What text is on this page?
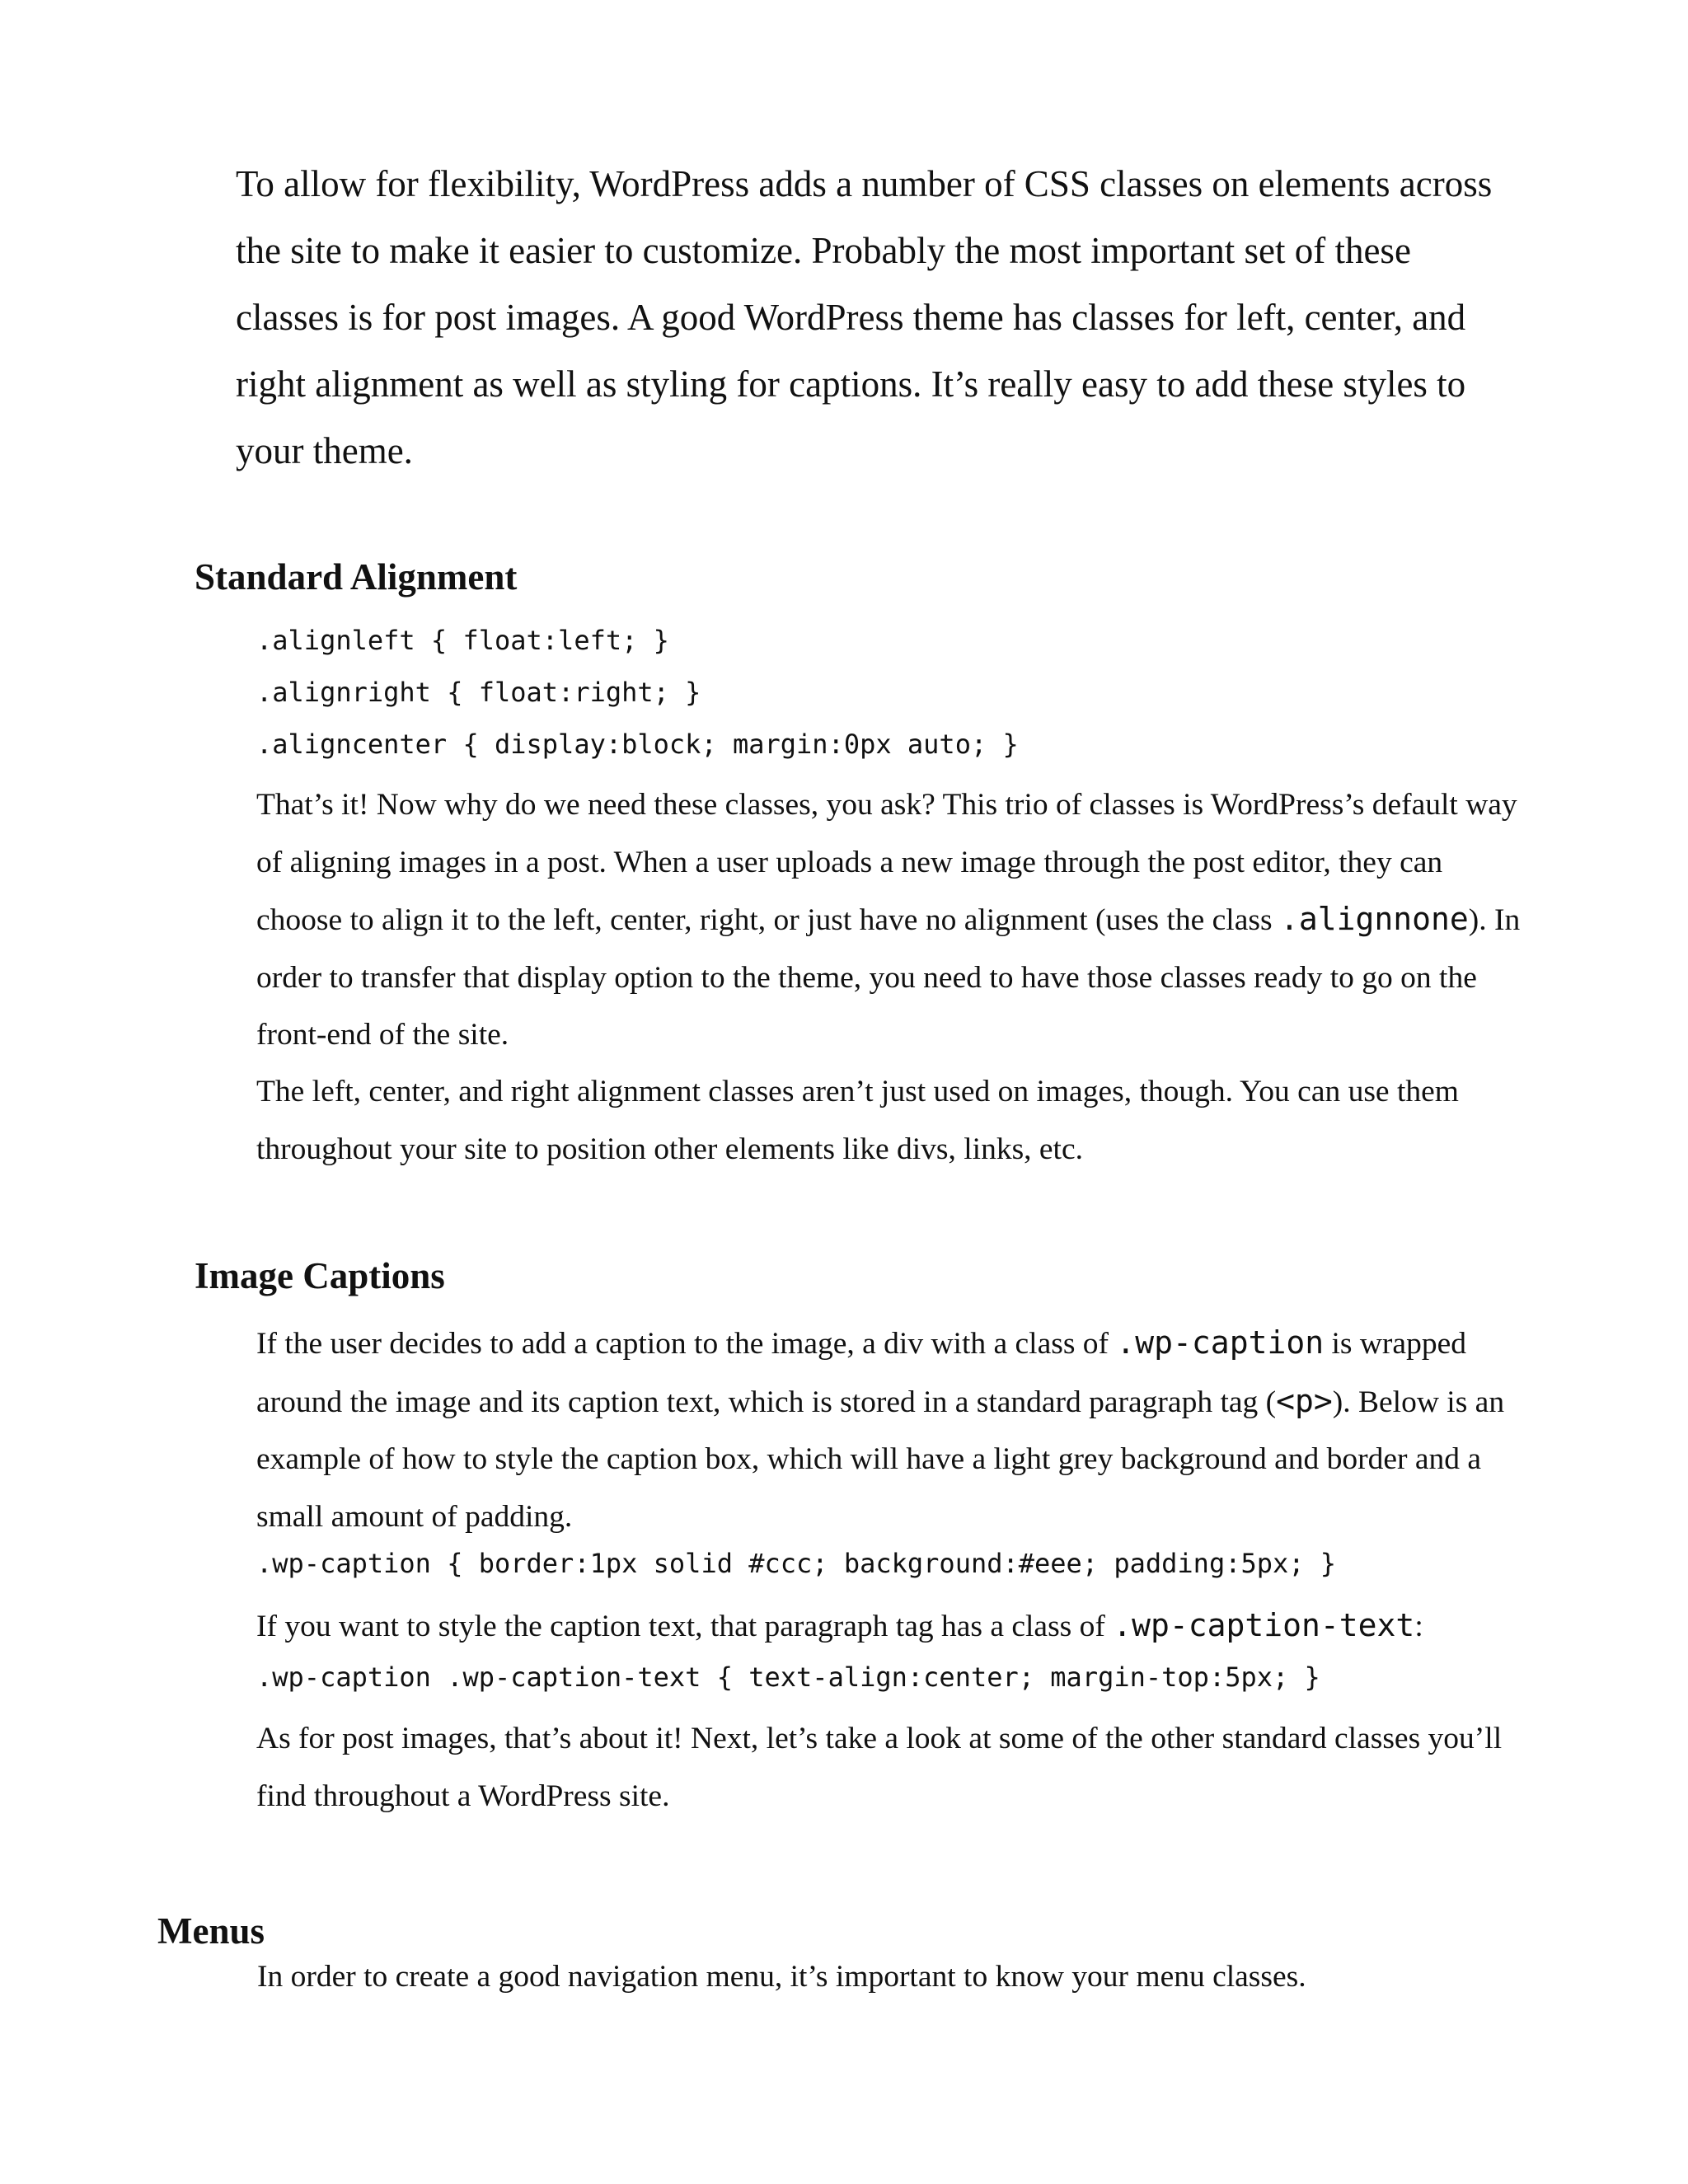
To allow for flexibility, WordPress adds a number of CSS classes on elements across the site to make it easier to customize. Probably the most important set of these classes is for post images. A good WordPress theme has classes for left, center, and right alignment as well as styling for captions. It’s really easy to add these styles to your theme.

Standard Alignment
.alignleft { float:left; }
.alignright { float:right; }
.aligncenter { display:block; margin:0px auto; }

That’s it! Now why do we need these classes, you ask? This trio of classes is WordPress’s default way of aligning images in a post. When a user uploads a new image through the post editor, they can choose to align it to the left, center, right, or just have no alignment (uses the class .alignnone). In order to transfer that display option to the theme, you need to have those classes ready to go on the front-end of the site.

The left, center, and right alignment classes aren’t just used on images, though. You can use them throughout your site to position other elements like divs, links, etc.

Image Captions

If the user decides to add a caption to the image, a div with a class of .wp-caption is wrapped around the image and its caption text, which is stored in a standard paragraph tag (<p>). Below is an example of how to style the caption box, which will have a light grey background and border and a small amount of padding.

.wp-caption { border:1px solid #ccc; background:#eee; padding:5px; }

If you want to style the caption text, that paragraph tag has a class of .wp-caption-text:

.wp-caption .wp-caption-text { text-align:center; margin-top:5px; }

As for post images, that’s about it! Next, let’s take a look at some of the other standard classes you’ll find throughout a WordPress site.

Menus

In order to create a good navigation menu, it’s important to know your menu classes.
